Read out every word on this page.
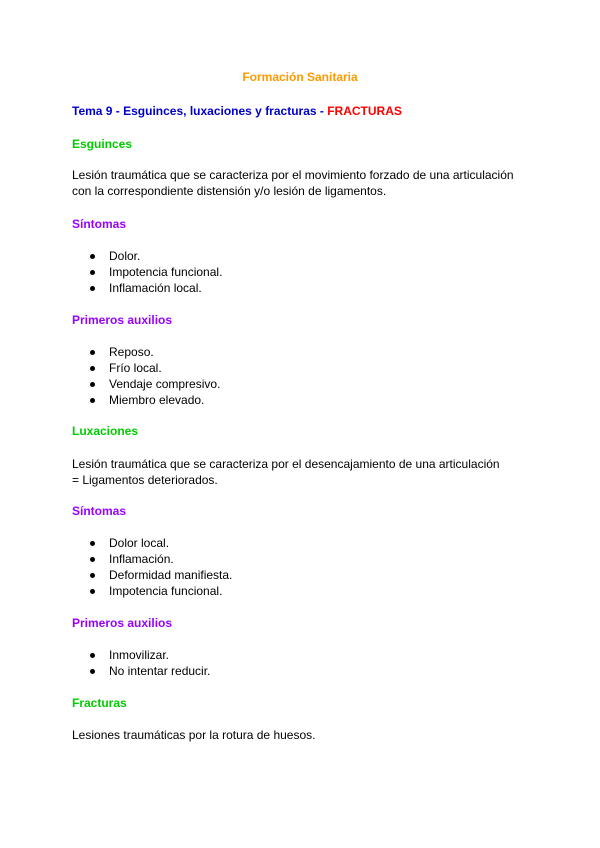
Formación Sanitaria
Tema 9 - Esguinces, luxaciones y fracturas - FRACTURAS
Esguinces
Lesión traumática que se caracteriza por el movimiento forzado de una articulación
con la correspondiente distensión y/o lesión de ligamentos.
Síntomas
Dolor.
Impotencia funcional.
Inflamación local.
Primeros auxilios
Reposo.
Frío local.
Vendaje compresivo.
Miembro elevado.
Luxaciones
Lesión traumática que se caracteriza por el desencajamiento de una articulación
= Ligamentos deteriorados.
Síntomas
Dolor local.
Inflamación.
Deformidad manifiesta.
Impotencia funcional.
Primeros auxilios
Inmovilizar.
No intentar reducir.
Fracturas
Lesiones traumáticas por la rotura de huesos.
